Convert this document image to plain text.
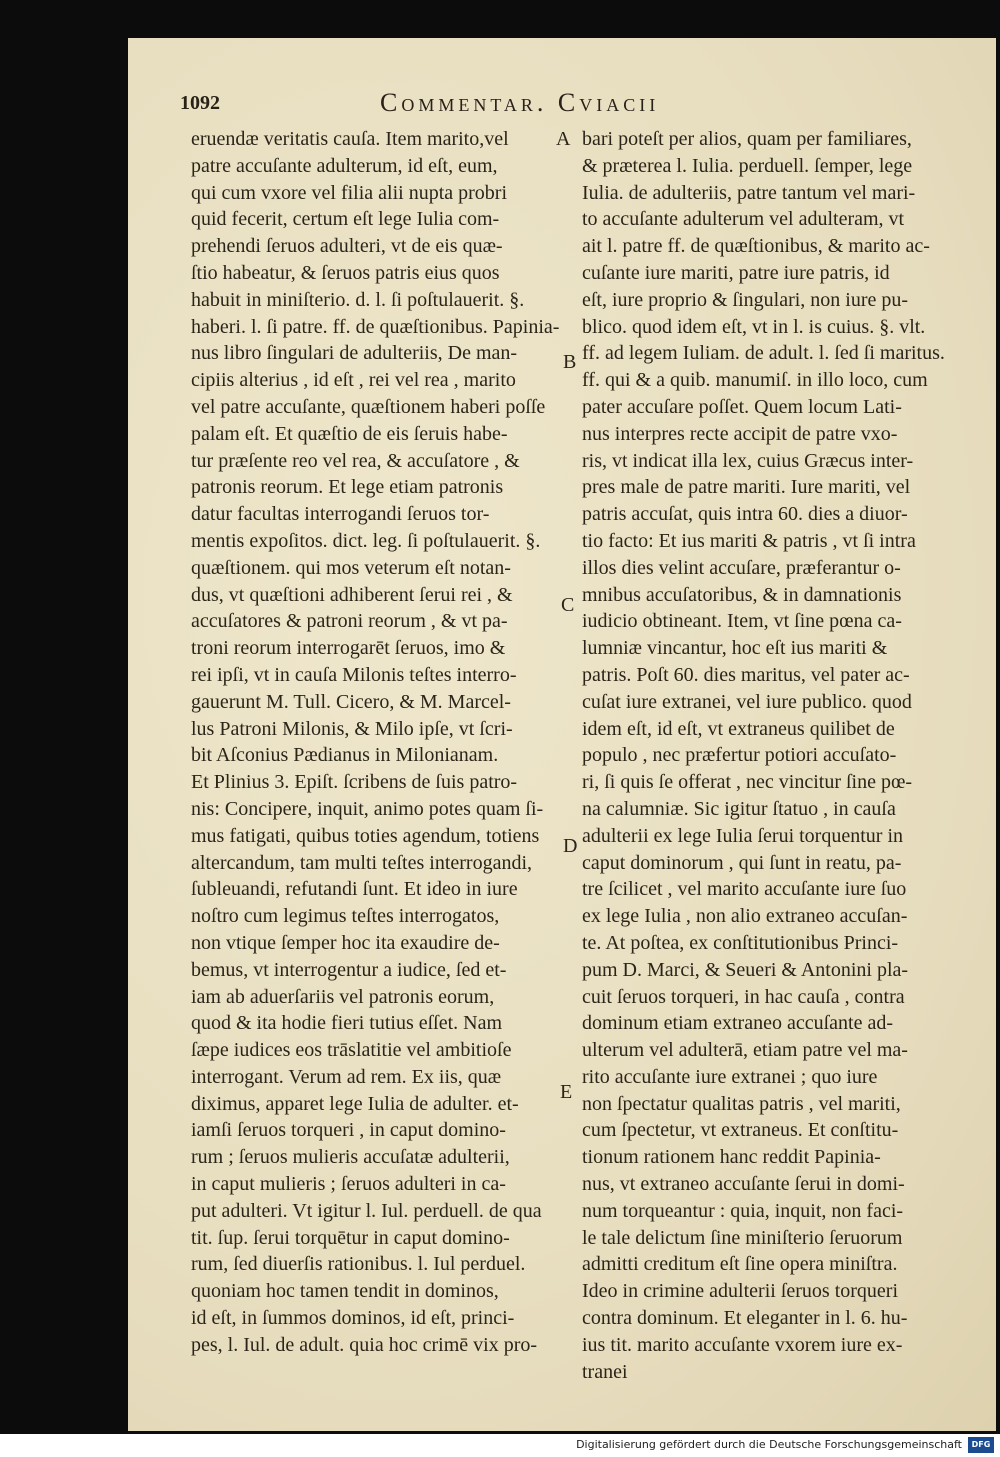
1092	Commentar. Cviacii
eruendæ veritatis cauſa. Item marito,vel
patre accuſante adulterum, id eſt, eum,
qui cum vxore vel filia alii nupta probri
quid fecerit, certum eſt lege Iulia com-
prehendi ſeruos adulteri, vt de eis quæ-
ſtio habeatur, & ſeruos patris eius quos
habuit in miniſterio. d. l. ſi poſtulauerit. §.
haberi. l. ſi patre. ff. de quæſtionibus. Papinia-
nus libro ſingulari de adulteriis, De man-
cipiis alterius , id eſt , rei vel rea , marito
vel patre accuſante, quæſtionem haberi poſſe
palam eſt. Et quæſtio de eis ſeruis habe-
tur præſente reo vel rea, & accuſatore , &
patronis reorum. Et lege etiam patronis
datur facultas interrogandi ſeruos tor-
mentis expoſitos. dict. leg. ſi poſtulauerit. §.
quæſtionem. qui mos veterum eſt notan-
dus, vt quæſtioni adhiberent ſerui rei , &
accuſatores & patroni reorum , & vt pa-
troni reorum interrogarēt ſeruos, imo &
rei ipſi, vt in cauſa Milonis teſtes interro-
gauerunt M. Tull. Cicero, & M. Marcel-
lus Patroni Milonis, & Milo ipſe, vt ſcri-
bit Aſconius Pædianus in Milonianam.
Et Plinius 3. Epiſt. ſcribens de ſuis patro-
nis: Concipere, inquit, animo potes quam ſi-
mus fatigati, quibus toties agendum, totiens
altercandum, tam multi teſtes interrogandi,
ſubleuandi, refutandi ſunt. Et ideo in iure
noſtro cum legimus teſtes interrogatos,
non vtique ſemper hoc ita exaudire de-
bemus, vt interrogentur a iudice, ſed et-
iam ab aduerſariis vel patronis eorum,
quod & ita hodie fieri tutius eſſet. Nam
ſæpe iudices eos trāslatitie vel ambitioſe
interrogant. Verum ad rem. Ex iis, quæ
diximus, apparet lege Iulia de adulter. et-
iamſi ſeruos torqueri , in caput domino-
rum ; ſeruos mulieris accuſatæ adulterii,
in caput mulieris ; ſeruos adulteri in ca-
put adulteri. Vt igitur l. Iul. perduell. de qua
tit. ſup. ſerui torquētur in caput domino-
rum, ſed diuerſis rationibus. l. Iul perduel.
quoniam hoc tamen tendit in dominos,
id eſt, in ſummos dominos, id eſt, princi-
pes, l. Iul. de adult. quia hoc crimē vix pro-
bari poteſt per alios, quam per familiares,
& præterea l. Iulia. perduell. ſemper, lege
Iulia. de adulteriis, patre tantum vel mari-
to accuſante adulterum vel adulteram, vt
ait l. patre ff. de quæſtionibus, & marito ac-
cuſante iure mariti, patre iure patris, id
eſt, iure proprio & ſingulari, non iure pu-
blico. quod idem eſt, vt in l. is cuius. §. vlt.
ff. ad legem Iuliam. de adult. l. ſed ſi maritus.
ff. qui & a quib. manumiſ. in illo loco, cum
pater accuſare poſſet. Quem locum Lati-
nus interpres recte accipit de patre vxo-
ris, vt indicat illa lex, cuius Græcus inter-
pres male de patre mariti. Iure mariti, vel
patris accuſat, quis intra 60. dies a diuor-
tio facto: Et ius mariti & patris , vt ſi intra
illos dies velint accuſare, præferantur o-
mnibus accuſatoribus, & in damnationis
iudicio obtineant. Item, vt ſine pœna ca-
lumniæ vincantur, hoc eſt ius mariti &
patris. Poſt 60. dies maritus, vel pater ac-
cuſat iure extranei, vel iure publico. quod
idem eſt, id eſt, vt extraneus quilibet de
populo , nec præfertur potiori accuſato-
ri, ſi quis ſe offerat , nec vincitur ſine pœ-
na calumniæ. Sic igitur ſtatuo , in cauſa
adulterii ex lege Iulia ſerui torquentur in
caput dominorum , qui ſunt in reatu, pa-
tre ſcilicet , vel marito accuſante iure ſuo
ex lege Iulia , non alio extraneo accuſan-
te. At poſtea, ex conſtitutionibus Princi-
pum D. Marci, & Seueri & Antonini pla-
cuit ſeruos torqueri, in hac cauſa , contra
dominum etiam extraneo accuſante ad-
ulterum vel adulterā, etiam patre vel ma-
rito accuſante iure extranei ; quo iure
non ſpectatur qualitas patris , vel mariti,
cum ſpectetur, vt extraneus. Et conſtitu-
tionum rationem hanc reddit Papinia-
nus, vt extraneo accuſante ſerui in domi-
num torqueantur : quia, inquit, non faci-
le tale delictum ſine miniſterio ſeruorum
admitti creditum eſt ſine opera miniſtra.
Ideo in crimine adulterii ſeruos torqueri
contra dominum. Et eleganter in l. 6. hu-
ius tit. marito accuſante vxorem iure ex-
tranei
A
B
C
D
E
Digitalisierung gefördert durch die Deutsche Forschungsgemeinschaft	DFG
